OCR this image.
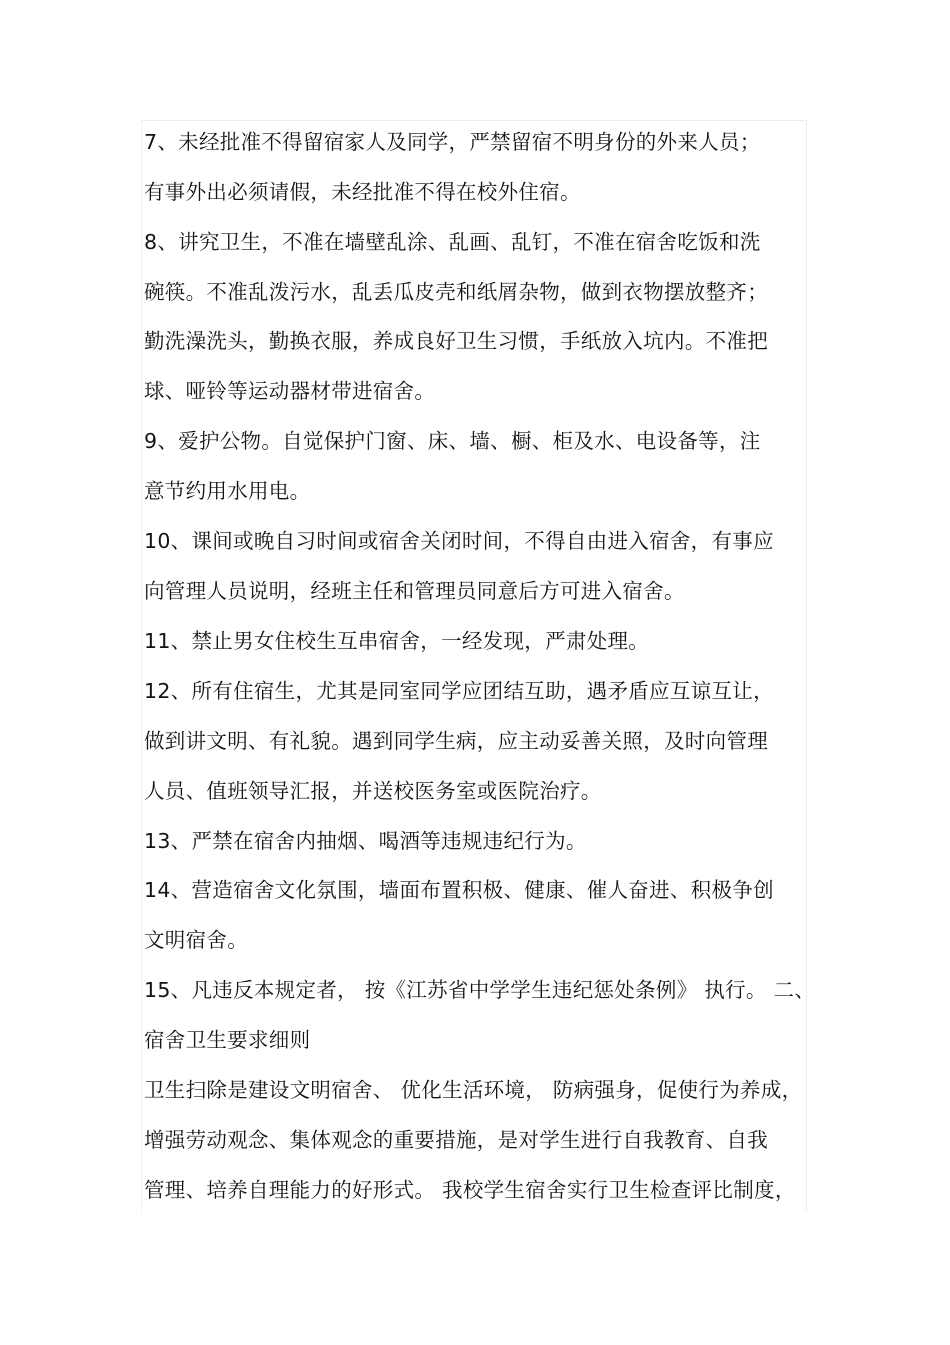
7、未经批准不得留宿家人及同学，严禁留宿不明身份的外来人员；
有事外出必须请假，未经批准不得在校外住宿。
8、讲究卫生，不准在墙壁乱涂、乱画、乱钉，不准在宿舍吃饭和洗
碗筷。不准乱泼污水，乱丢瓜皮壳和纸屑杂物，做到衣物摆放整齐；
勤洗澡洗头，勤换衣服，养成良好卫生习惯，手纸放入坑内。不准把
球、哑铃等运动器材带进宿舍。
9、爱护公物。自觉保护门窗、床、墙、橱、柜及水、电设备等，注
意节约用水用电。
10、课间或晚自习时间或宿舍关闭时间，不得自由进入宿舍，有事应
向管理人员说明，经班主任和管理员同意后方可进入宿舍。
11、禁止男女住校生互串宿舍，一经发现，严肃处理。
12、所有住宿生，尤其是同室同学应团结互助，遇矛盾应互谅互让，
做到讲文明、有礼貌。遇到同学生病，应主动妥善关照，及时向管理
人员、值班领导汇报，并送校医务室或医院治疗。
13、严禁在宿舍内抽烟、喝酒等违规违纪行为。
14、营造宿舍文化氛围，墙面布置积极、健康、催人奋进、积极争创
文明宿舍。
15、凡违反本规定者， 按《江苏省中学学生违纪惩处条例》 执行。 二、
宿舍卫生要求细则
卫生扫除是建设文明宿舍、 优化生活环境， 防病强身，促使行为养成，
增强劳动观念、集体观念的重要措施，是对学生进行自我教育、自我
管理、培养自理能力的好形式。 我校学生宿舍实行卫生检查评比制度，
